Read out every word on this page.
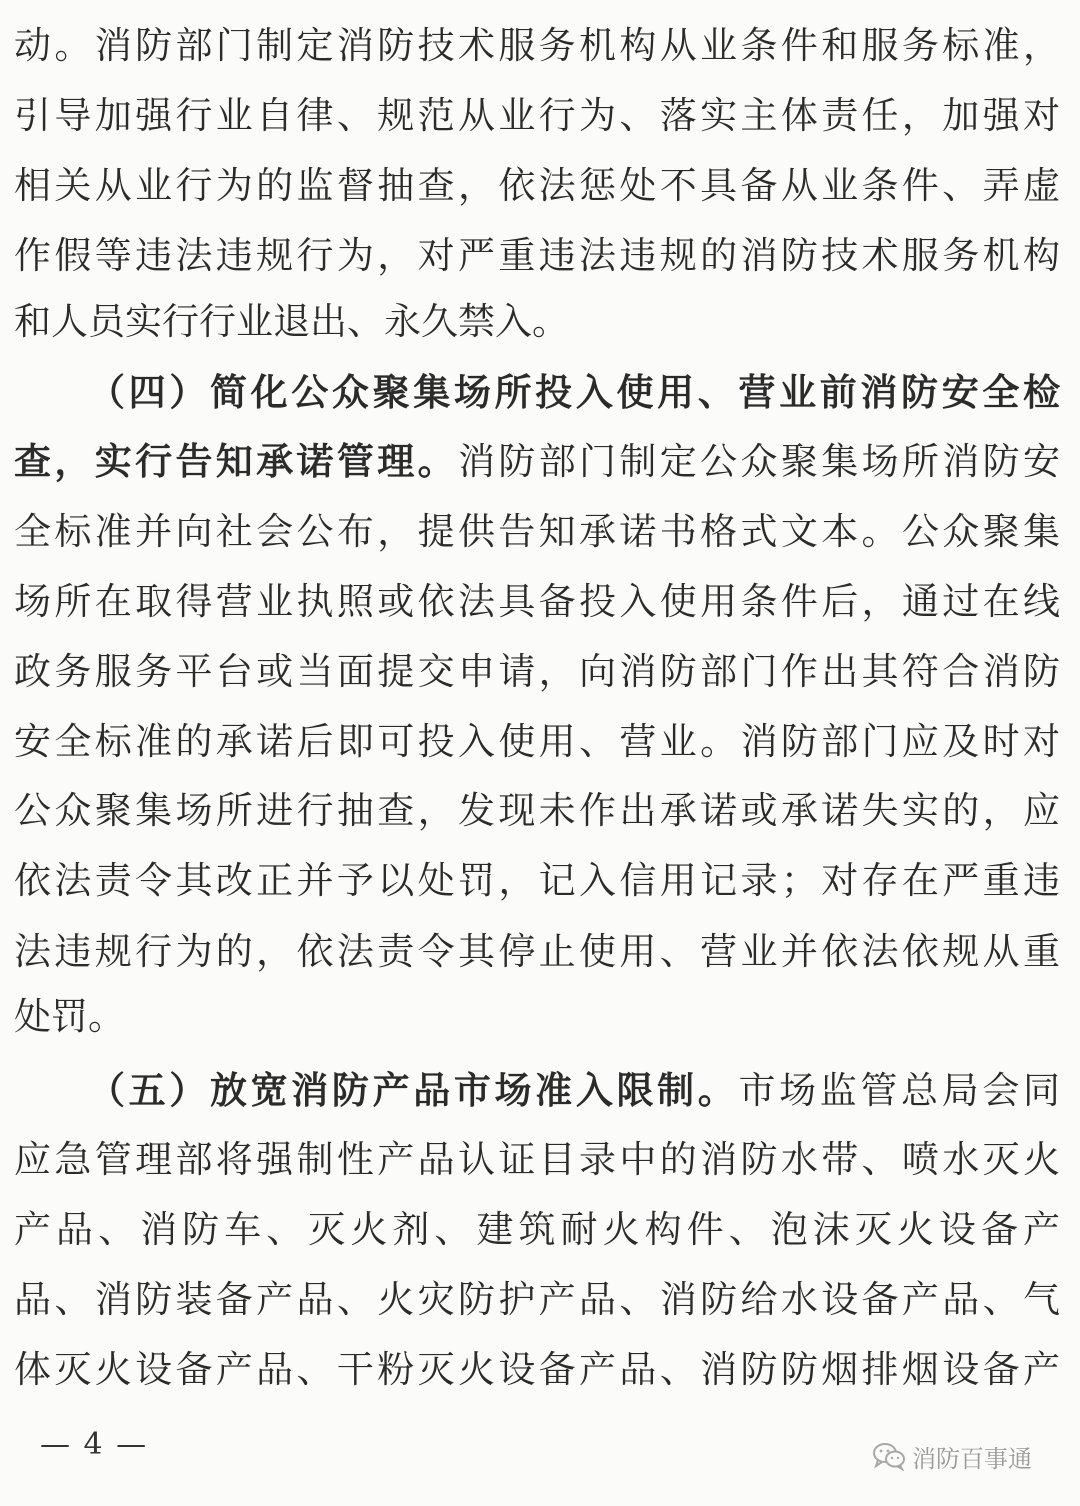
动。消防部门制定消防技术服务机构从业条件和服务标准，
引导加强行业自律、规范从业行为、落实主体责任，加强对
相关从业行为的监督抽查，依法惩处不具备从业条件、弄虚
作假等违法违规行为，对严重违法违规的消防技术服务机构
和人员实行行业退出、永久禁入。
（四）简化公众聚集场所投入使用、营业前消防安全检
查，实行告知承诺管理。消防部门制定公众聚集场所消防安
全标准并向社会公布，提供告知承诺书格式文本。公众聚集
场所在取得营业执照或依法具备投入使用条件后，通过在线
政务服务平台或当面提交申请，向消防部门作出其符合消防
安全标准的承诺后即可投入使用、营业。消防部门应及时对
公众聚集场所进行抽查，发现未作出承诺或承诺失实的，应
依法责令其改正并予以处罚，记入信用记录；对存在严重违
法违规行为的，依法责令其停止使用、营业并依法依规从重
处罚。
（五）放宽消防产品市场准入限制。市场监管总局会同
应急管理部将强制性产品认证目录中的消防水带、喷水灭火
产品、消防车、灭火剂、建筑耐火构件、泡沫灭火设备产
品、消防装备产品、火灾防护产品、消防给水设备产品、气
体灭火设备产品、干粉灭火设备产品、消防防烟排烟设备产
— 4 —	消防百事通
